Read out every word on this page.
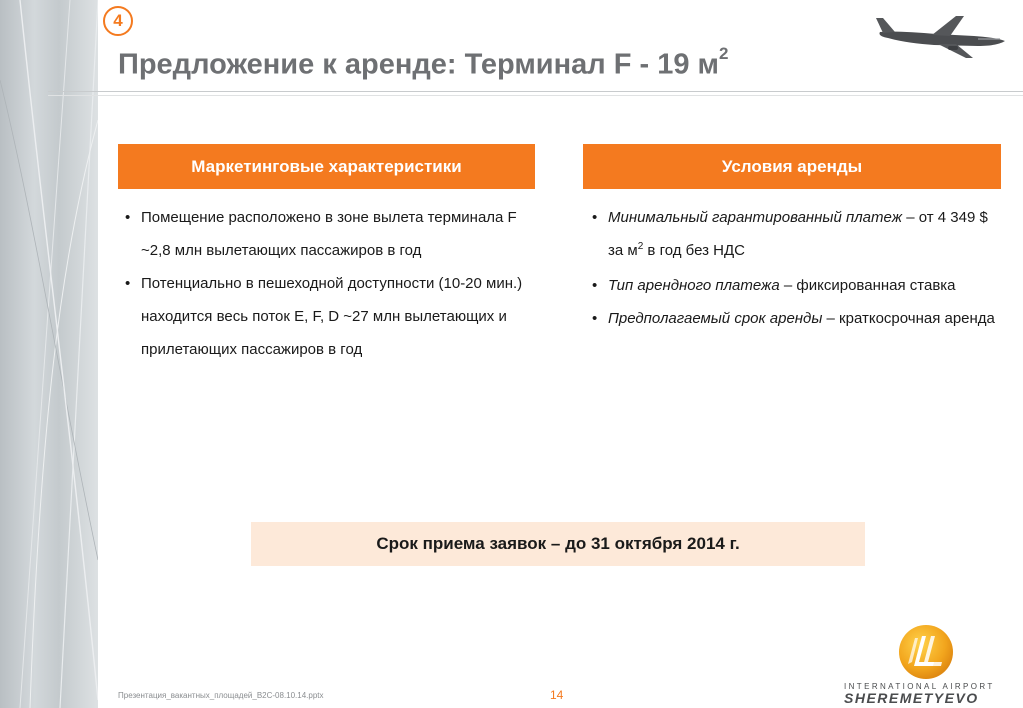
4
Предложение к аренде: Терминал F - 19 $м^2$
Маркетинговые характеристики	Условия аренды
• Помещение расположено в зоне вылета терминала F ~2,8 млн вылетающих пассажиров в год
• Потенциально в пешеходной доступности (10-20 мин.) находится весь поток E, F, D ~27 млн вылетающих и прилетающих пассажиров в год
• Минимальный гарантированный платеж – от 4 349 $ за $м^2$ в год без НДС
• Тип арендного платежа – фиксированная ставка
• Предполагаемый срок аренды – краткосрочная аренда
Срок приема заявок – до 31 октября 2014 г.
Презентация_вакантных_площадей_B2C-08.10.14.pptx	14
INTERNATIONAL AIRPORT
SHEREMETYEVO
